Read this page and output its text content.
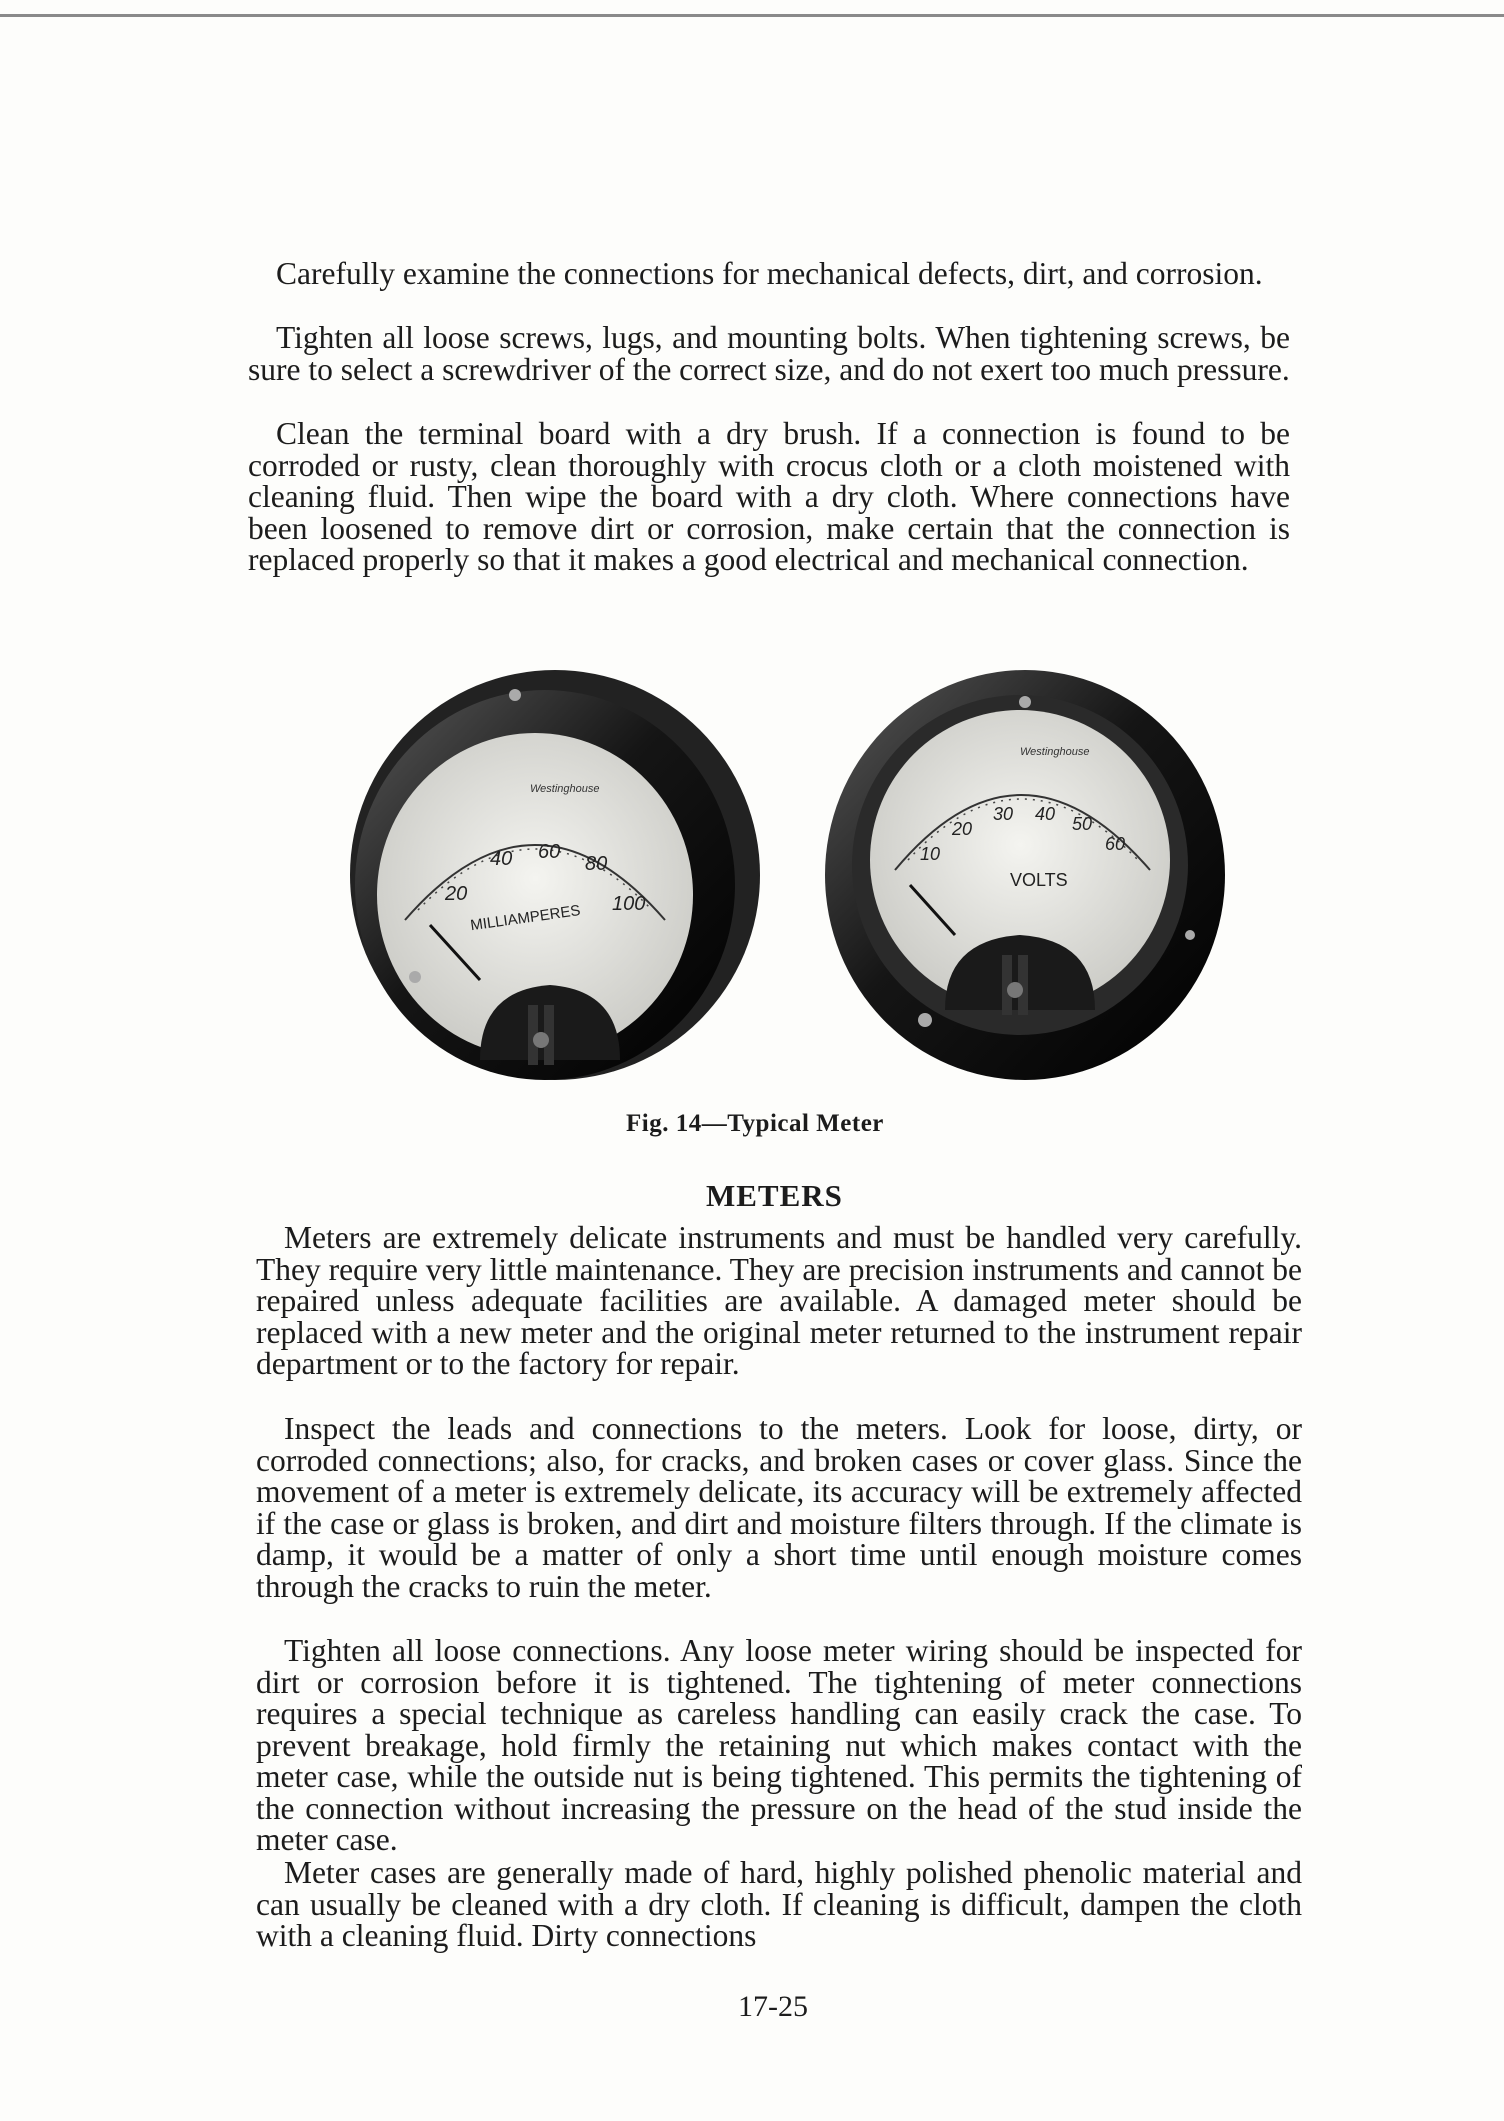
Carefully examine the connections for mechanical defects, dirt, and corrosion.

Tighten all loose screws, lugs, and mounting bolts. When tightening screws, be sure to select a screwdriver of the correct size, and do not exert too much pressure.

Clean the terminal board with a dry brush. If a connection is found to be corroded or rusty, clean thoroughly with crocus cloth or a cloth moistened with cleaning fluid. Then wipe the board with a dry cloth. Where connections have been loosened to remove dirt or corrosion, make certain that the connection is replaced properly so that it makes a good electrical and mechanical connection.

Westinghouse
20
40 60
80
100
MILLIAMPERES
Westinghouse
10
20
30 40 50
60
VOLTS

Fig. 14—Typical Meter

METERS

Meters are extremely delicate instruments and must be handled very carefully. They require very little maintenance. They are precision instruments and cannot be repaired unless adequate facilities are available. A damaged meter should be replaced with a new meter and the original meter returned to the instrument repair department or to the factory for repair.

Inspect the leads and connections to the meters. Look for loose, dirty, or corroded connections; also, for cracks, and broken cases or cover glass. Since the movement of a meter is extremely delicate, its accuracy will be extremely affected if the case or glass is broken, and dirt and moisture filters through. If the climate is damp, it would be a matter of only a short time until enough moisture comes through the cracks to ruin the meter.

Tighten all loose connections. Any loose meter wiring should be inspected for dirt or corrosion before it is tightened. The tightening of meter connections requires a special technique as careless handling can easily crack the case. To prevent breakage, hold firmly the retaining nut which makes contact with the meter case, while the outside nut is being tightened. This permits the tightening of the connection without increasing the pressure on the head of the stud inside the meter case.

Meter cases are generally made of hard, highly polished phenolic material and can usually be cleaned with a dry cloth. If cleaning is difficult, dampen the cloth with a cleaning fluid. Dirty connections

17-25
